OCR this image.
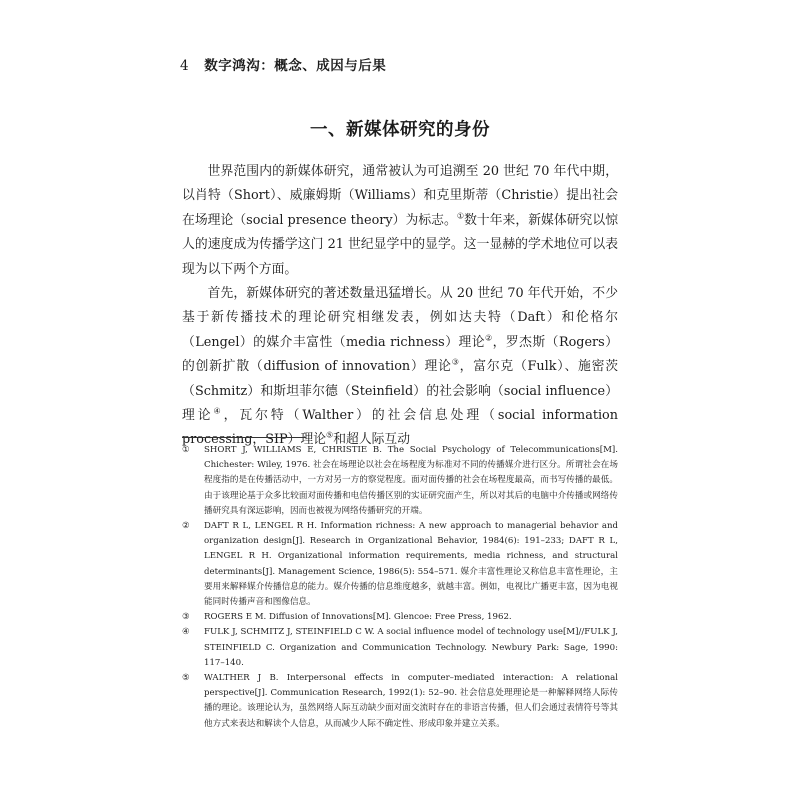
4 数字鸿沟：概念、成因与后果
一、新媒体研究的身份

世界范围内的新媒体研究，通常被认为可追溯至 20 世纪 70 年代中期，以肖特（Short）、威廉姆斯（Williams）和克里斯蒂（Christie）提出社会在场理论（social presence theory）为标志。①数十年来，新媒体研究以惊人的速度成为传播学这门 21 世纪显学中的显学。这一显赫的学术地位可以表现为以下两个方面。

首先，新媒体研究的著述数量迅猛增长。从 20 世纪 70 年代开始，不少基于新传播技术的理论研究相继发表，例如达夫特（Daft）和伦格尔（Lengel）的媒介丰富性（media richness）理论②，罗杰斯（Rogers）的创新扩散（diffusion of innovation）理论③，富尔克（Fulk）、施密茨（Schmitz）和斯坦菲尔德（Steinfield）的社会影响（social influence）理论④，瓦尔特（Walther）的社会信息处理（social information processing，SIP）理论⑤和超人际互动

①	SHORT J, WILLIAMS E, CHRISTIE B. The Social Psychology of Telecommunications[M]. Chichester: Wiley, 1976. 社会在场理论以社会在场程度为标准对不同的传播媒介进行区分。所谓社会在场程度指的是在传播活动中，一方对另一方的察觉程度。面对面传播的社会在场程度最高，而书写传播的最低。由于该理论基于众多比较面对面传播和电信传播区别的实证研究面产生，所以对其后的电脑中介传播或网络传播研究具有深远影响，因而也被视为网络传播研究的开端。
②	DAFT R L, LENGEL R H. Information richness: A new approach to managerial behavior and organization design[J]. Research in Organizational Behavior, 1984(6): 191–233; DAFT R L, LENGEL R H. Organizational information requirements, media richness, and structural determinants[J]. Management Science, 1986(5): 554–571. 媒介丰富性理论又称信息丰富性理论，主要用来解释媒介传播信息的能力。媒介传播的信息维度越多，就越丰富。例如，电视比广播更丰富，因为电视能同时传播声音和图像信息。
③	ROGERS E M. Diffusion of Innovations[M]. Glencoe: Free Press, 1962.
④	FULK J, SCHMITZ J, STEINFIELD C W. A social influence model of technology use[M]//FULK J, STEINFIELD C. Organization and Communication Technology. Newbury Park: Sage, 1990: 117–140.
⑤	WALTHER J B. Interpersonal effects in computer–mediated interaction: A relational perspective[J]. Communication Research, 1992(1): 52–90. 社会信息处理理论是一种解释网络人际传播的理论。该理论认为，虽然网络人际互动缺少面对面交流时存在的非语言传播，但人们会通过表情符号等其他方式来表达和解读个人信息，从而减少人际不确定性、形成印象并建立关系。
